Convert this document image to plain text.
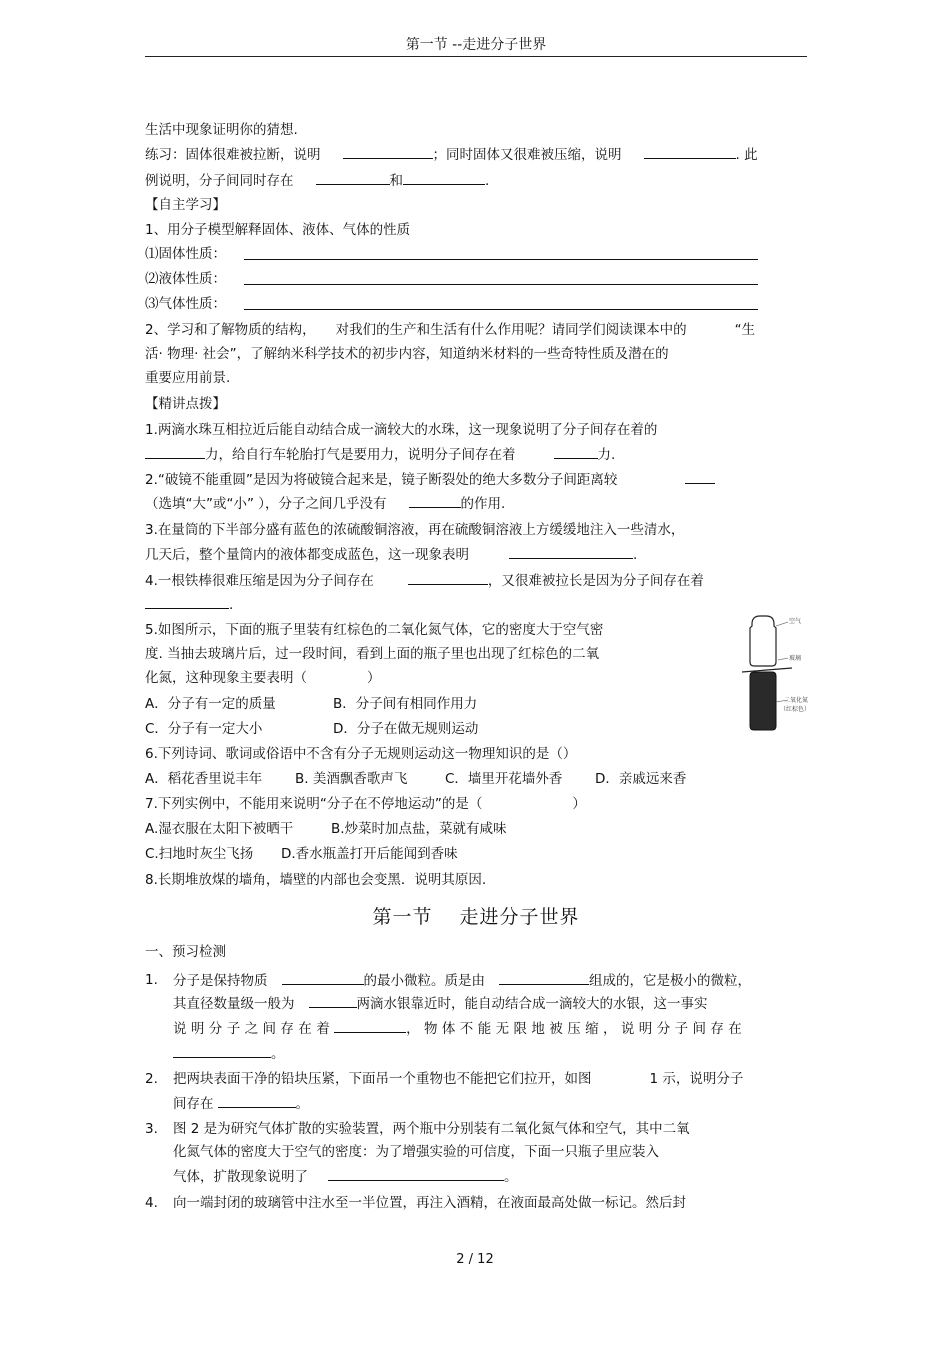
第一节 --走进分子世界
生活中现象证明你的猜想.
练习：固体很难被拉断，说明	；同时固体又很难被压缩，说明	. 此
例说明，分子间同时存在	和	.
【自主学习】
1、用分子模型解释固体、液体、气体的性质
⑴固体性质：
⑵液体性质：
⑶气体性质：
2、学习和了解物质的结构， 对我们的生产和生活有什么作用呢？请同学们阅读课本中的	“生
活· 物理· 社会”，了解纳米科学技术的初步内容，知道纳米材料的一些奇特性质及潜在的
重要应用前景.
【精讲点拨】
1.两滴水珠互相拉近后能自动结合成一滴较大的水珠，这一现象说明了分子间存在着的
力，给自行车轮胎打气是要用力，说明分子间存在着	力.
2.“破镜不能重圆”是因为将破镜合起来是，镜子断裂处的绝大多数分子间距离较
（选填“大”或“小” ），分子之间几乎没有	的作用.
3.在量筒的下半部分盛有蓝色的浓硫酸铜溶液，再在硫酸铜溶液上方缓缓地注入一些清水，
几天后，整个量筒内的液体都变成蓝色，这一现象表明	.
4.一根铁棒很难压缩是因为分子间存在	，又很难被拉长是因为分子间存在着
.
5.如图所示，下面的瓶子里装有红棕色的二氧化氮气体，它的密度大于空气密
度. 当抽去玻璃片后，过一段时间，看到上面的瓶子里也出现了红棕色的二氧
化氮，这种现象主要表明（	）
A．分子有一定的质量	B．分子间有相同作用力
C．分子有一定大小	D．分子在做无规则运动
空气
玻璃
二氧化氮
（红棕色）
6.下列诗词、歌词或俗语中不含有分子无规则运动这一物理知识的是（）
A．稻花香里说丰年 B. 美酒飘香歌声飞	C．墙里开花墙外香 D．亲戚远来香
7.下列实例中，不能用来说明“分子在不停地运动”的是（	）
A.湿衣服在太阳下被晒干	B.炒菜时加点盐，菜就有咸味
C.扫地时灰尘飞扬 D.香水瓶盖打开后能闻到香味
8.长期堆放煤的墙角，墙壁的内部也会变黑．说明其原因.
第一节　 走进分子世界
一、预习检测
1. 分子是保持物质	的最小微粒。质是由	组成的，它是极小的微粒，
其直径数量级一般为	两滴水银靠近时，能自动结合成一滴较大的水银，这一事实
说明分子之间存在着	，物体不能无限地被压缩，说明分子间存在
。
2. 把两块表面干净的铅块压紧，下面吊一个重物也不能把它们拉开，如图	1 示，说明分子
间存在	。
3. 图 2 是为研究气体扩散的实验装置，两个瓶中分别装有二氧化氮气体和空气，其中二氧
化氮气体的密度大于空气的密度：为了增强实验的可信度，下面一只瓶子里应装入
气体，扩散现象说明了	。
4. 向一端封闭的玻璃管中注水至一半位置，再注入酒精，在液面最高处做一标记。然后封
2 / 12
